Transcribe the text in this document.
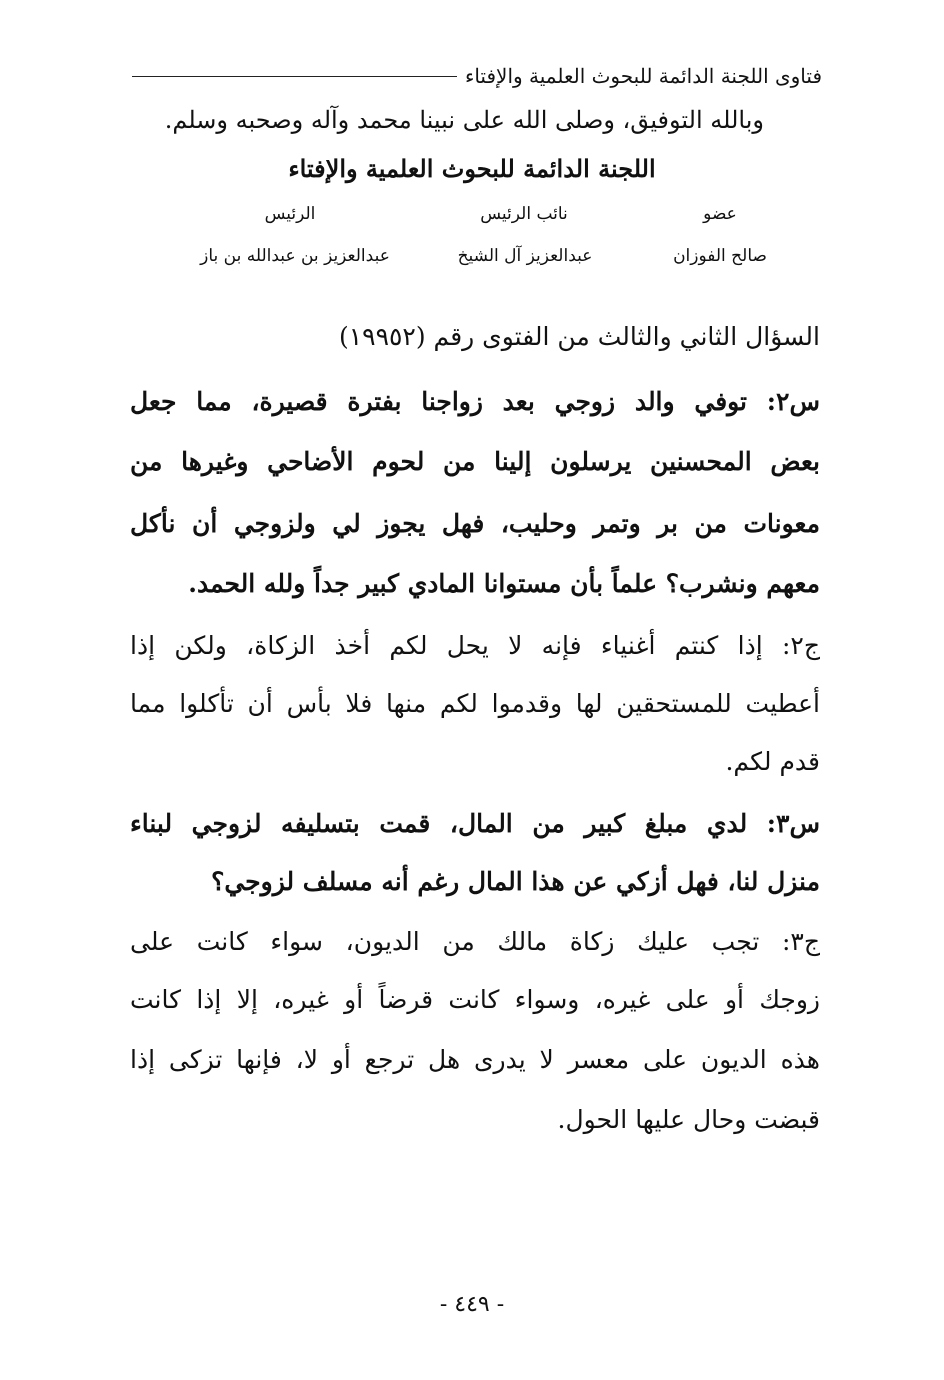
فتاوى اللجنة الدائمة للبحوث العلمية والإفتاء
وبالله التوفيق، وصلى الله على نبينا محمد وآله وصحبه وسلم.
اللجنة الدائمة للبحوث العلمية والإفتاء
عضو
نائب الرئيس
الرئيس
صالح الفوزان
عبدالعزيز آل الشيخ
عبدالعزيز بن عبدالله بن باز
السؤال الثاني والثالث من الفتوى رقم (١٩٩٥٢)
س٢: توفي والد زوجي بعد زواجنا بفترة قصيرة، مما جعل
بعض المحسنين يرسلون إلينا من لحوم الأضاحي وغيرها من
معونات من بر وتمر وحليب، فهل يجوز لي ولزوجي أن نأكل
معهم ونشرب؟ علماً بأن مستوانا المادي كبير جداً ولله الحمد.
ج٢: إذا كنتم أغنياء فإنه لا يحل لكم أخذ الزكاة، ولكن إذا
أعطيت للمستحقين لها وقدموا لكم منها فلا بأس أن تأكلوا مما
قدم لكم.
س٣: لدي مبلغ كبير من المال، قمت بتسليفه لزوجي لبناء
منزل لنا، فهل أزكي عن هذا المال رغم أنه مسلف لزوجي؟
ج٣: تجب عليك زكاة مالك من الديون، سواء كانت على
زوجك أو على غيره، وسواء كانت قرضاً أو غيره، إلا إذا كانت
هذه الديون على معسر لا يدرى هل ترجع أو لا، فإنها تزكى إذا
قبضت وحال عليها الحول.
- ٤٤٩ -
